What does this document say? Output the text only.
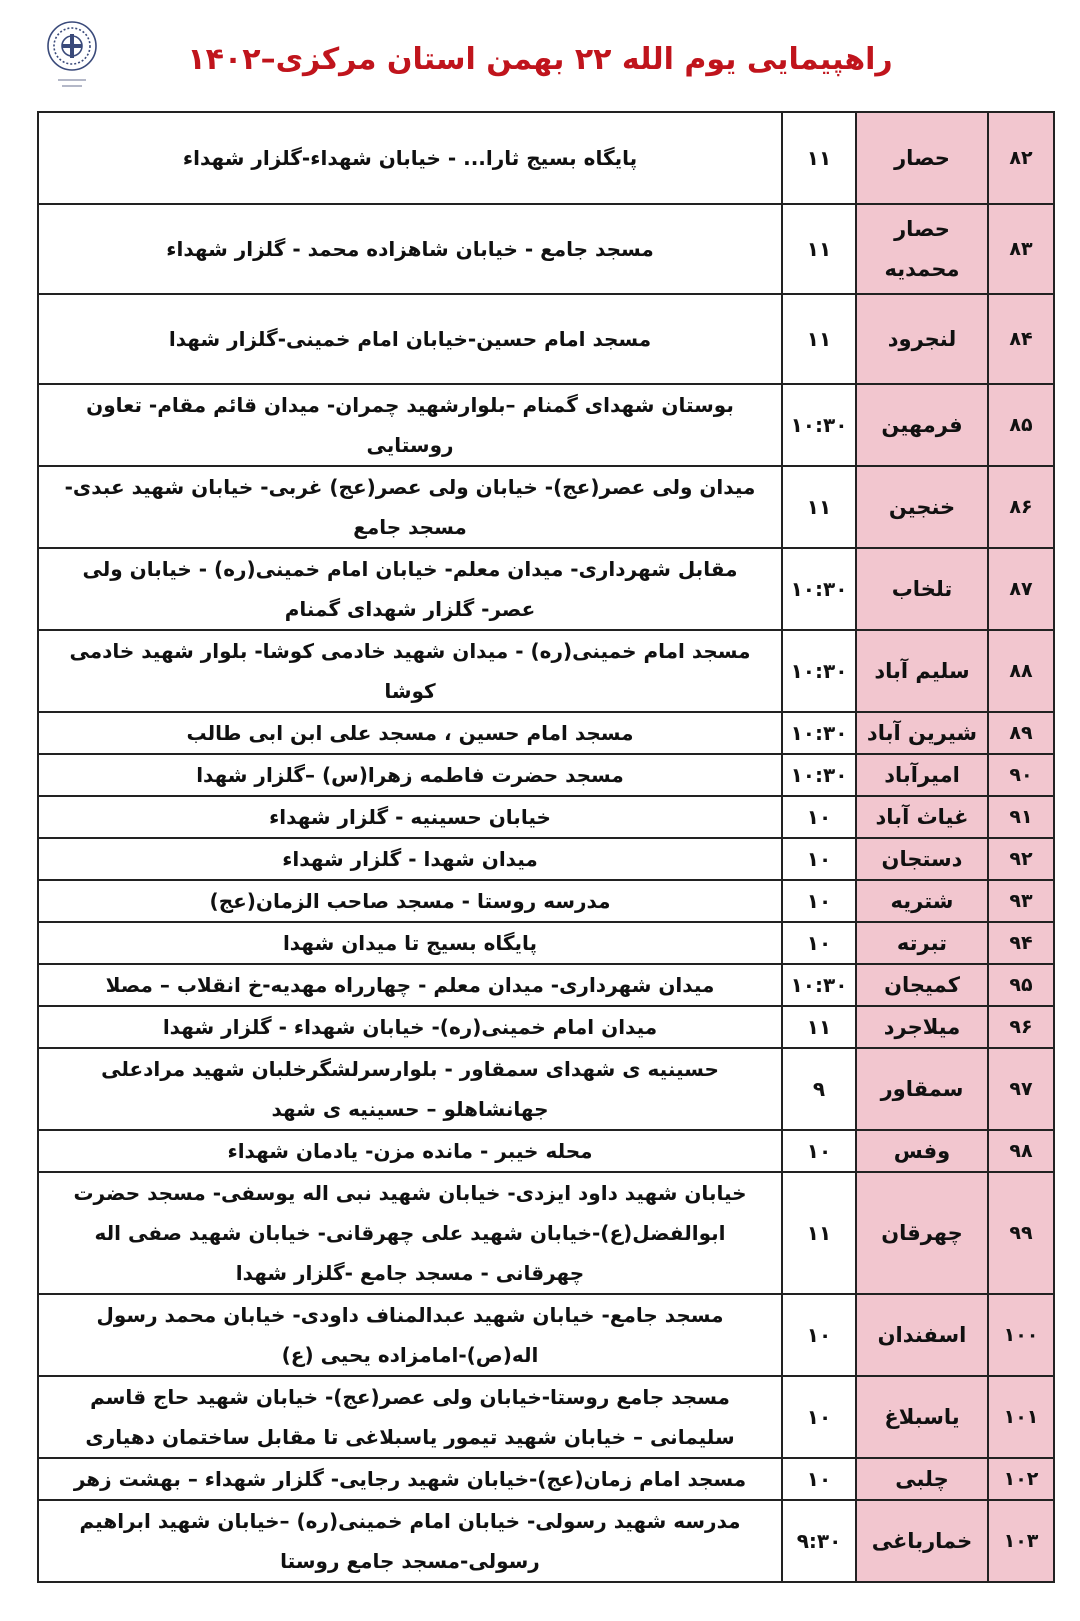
راهپیمایی یوم الله ۲۲ بهمن استان مرکزی–۱۴۰۲
۸۲	حصار	۱۱	پایگاه بسیج ثارا... - خیابان شهداء-گلزار شهداء
۸۳	حصار محمدیه	۱۱	مسجد جامع - خیابان شاهزاده محمد - گلزار شهداء
۸۴	لنجرود	۱۱	مسجد امام حسین-خیابان امام خمینی-گلزار شهدا
۸۵	فرمهین	۱۰:۳۰	بوستان شهدای گمنام –بلوارشهید چمران- میدان قائم مقام- تعاون روستایی
۸۶	خنجین	۱۱	میدان ولی عصر(عج)- خیابان ولی عصر(عج) غربی- خیابان شهید عبدی- مسجد جامع
۸۷	تلخاب	۱۰:۳۰	مقابل شهرداری- میدان معلم- خیابان امام خمینی(ره) - خیابان ولی عصر- گلزار شهدای گمنام
۸۸	سلیم آباد	۱۰:۳۰	مسجد امام خمینی(ره) - میدان شهید خادمی کوشا- بلوار شهید خادمی کوشا
۸۹	شیرین آباد	۱۰:۳۰	مسجد امام حسین ، مسجد علی ابن ابی طالب
۹۰	امیرآباد	۱۰:۳۰	مسجد حضرت فاطمه زهرا(س) –گلزار شهدا
۹۱	غیاث آباد	۱۰	خیابان حسینیه - گلزار شهداء
۹۲	دستجان	۱۰	میدان شهدا - گلزار شهداء
۹۳	شتریه	۱۰	مدرسه روستا - مسجد صاحب الزمان(عج)
۹۴	تبرته	۱۰	پایگاه بسیج تا میدان شهدا
۹۵	کمیجان	۱۰:۳۰	میدان شهرداری- میدان معلم - چهارراه مهدیه-خ انقلاب – مصلا
۹۶	میلاجرد	۱۱	میدان امام خمینی(ره)- خیابان شهداء - گلزار شهدا
۹۷	سمقاور	۹	حسینیه ی شهدای سمقاور - بلوارسرلشگرخلبان شهید مرادعلی جهانشاهلو – حسینیه ی شهد
۹۸	وفس	۱۰	محله خیبر - مانده مزن- یادمان شهداء
۹۹	چهرقان	۱۱	خیابان شهید داود ایزدی- خیابان شهید نبی اله یوسفی- مسجد حضرت ابوالفضل(ع)-خیابان شهید علی چهرقانی- خیابان شهید صفی اله چهرقانی - مسجد جامع -گلزار شهدا
۱۰۰	اسفندان	۱۰	مسجد جامع- خیابان شهید عبدالمناف داودی- خیابان محمد رسول اله(ص)-امامزاده یحیی (ع)
۱۰۱	یاسبلاغ	۱۰	مسجد جامع روستا-خیابان ولی عصر(عج)- خیابان شهید حاج قاسم سلیمانی – خیابان شهید تیمور یاسبلاغی تا مقابل ساختمان دهیاری
۱۰۲	چلبی	۱۰	مسجد امام زمان(عج)-خیابان شهید رجایی- گلزار شهداء – بهشت زهر
۱۰۳	خمارباغی	۹:۳۰	مدرسه شهید رسولی- خیابان امام خمینی(ره) –خیابان شهید ابراهیم رسولی-مسجد جامع روستا
